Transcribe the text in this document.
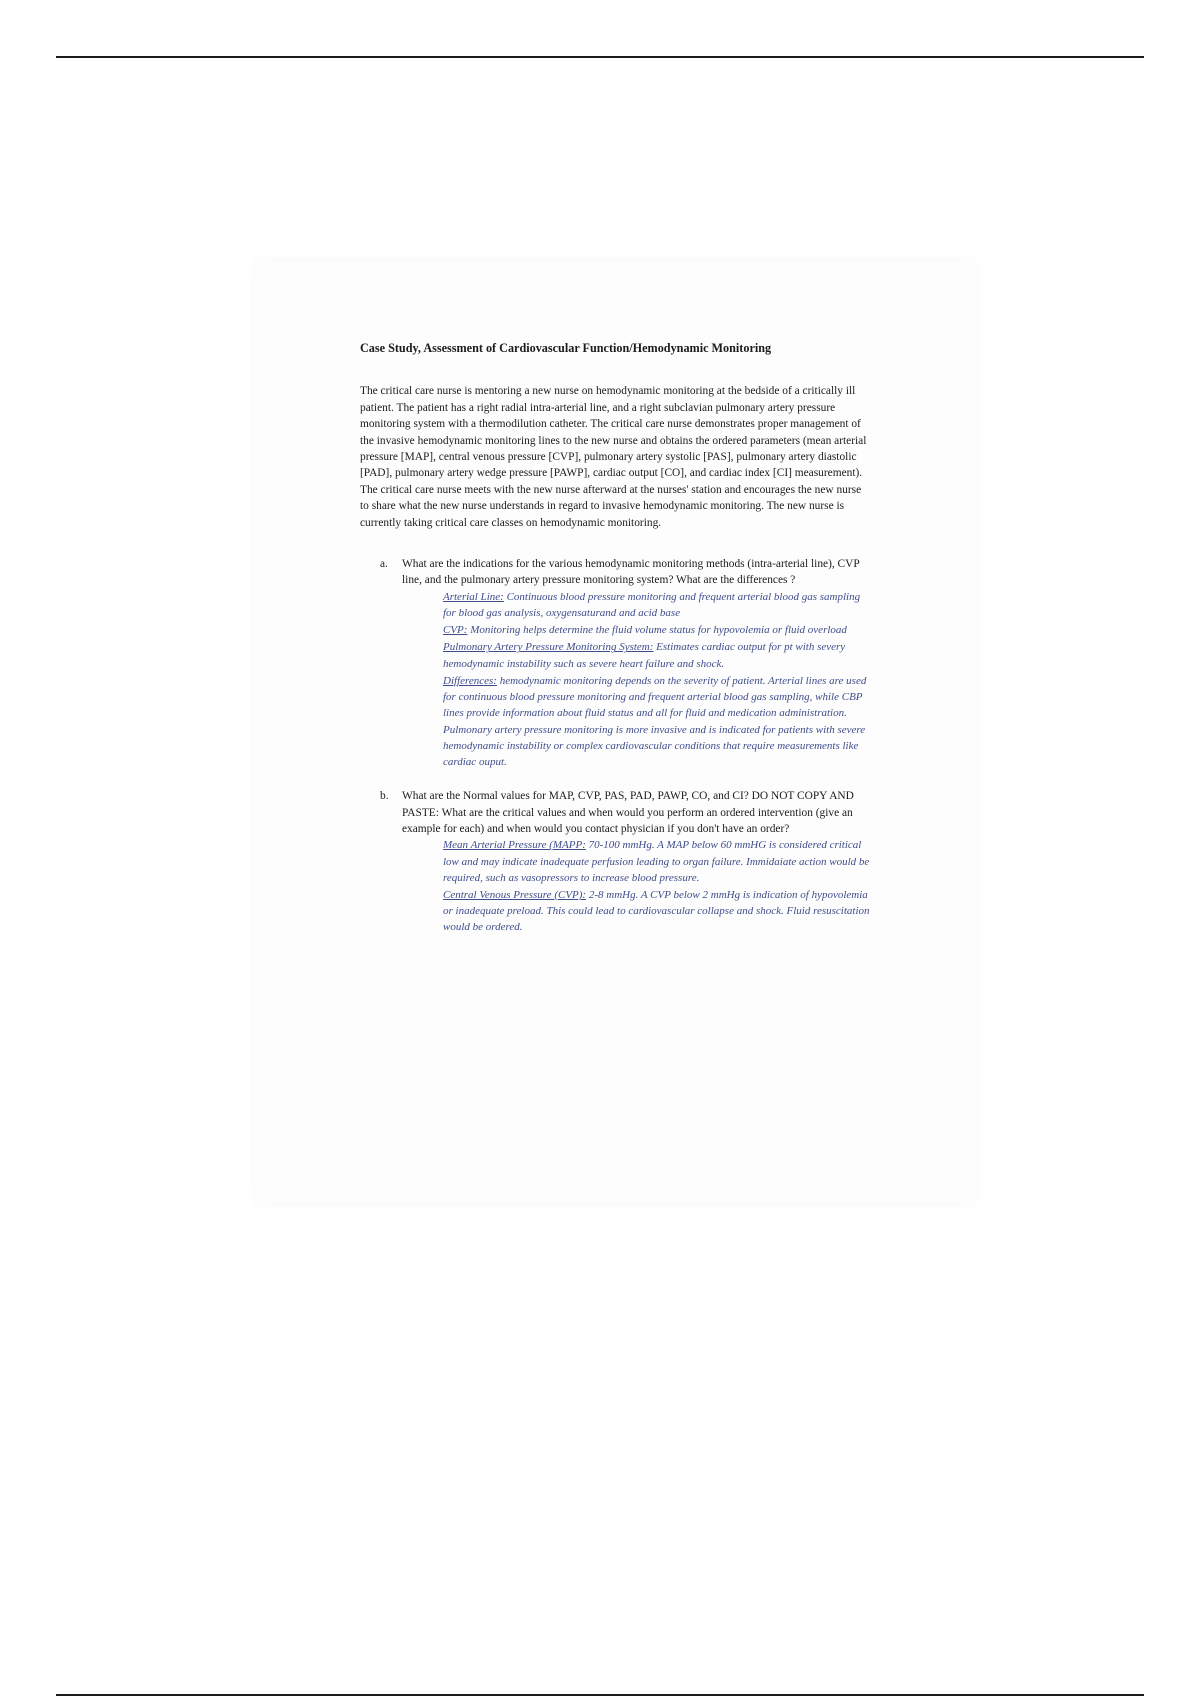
Case Study, Assessment of Cardiovascular Function/Hemodynamic Monitoring

The critical care nurse is mentoring a new nurse on hemodynamic monitoring at the bedside of a critically ill patient. The patient has a right radial intra-arterial line, and a right subclavian pulmonary artery pressure monitoring system with a thermodilution catheter. The critical care nurse demonstrates proper management of the invasive hemodynamic monitoring lines to the new nurse and obtains the ordered parameters (mean arterial pressure [MAP], central venous pressure [CVP], pulmonary artery systolic [PAS], pulmonary artery diastolic [PAD], pulmonary artery wedge pressure [PAWP], cardiac output [CO], and cardiac index [CI] measurement). The critical care nurse meets with the new nurse afterward at the nurses' station and encourages the new nurse to share what the new nurse understands in regard to invasive hemodynamic monitoring. The new nurse is currently taking critical care classes on hemodynamic monitoring.

a. What are the indications for the various hemodynamic monitoring methods (intra-arterial line), CVP line, and the pulmonary artery pressure monitoring system? What are the differences ?

Arterial Line: Continuous blood pressure monitoring and frequent arterial blood gas sampling for blood gas analysis, oxygensaturand and acid base

CVP: Monitoring helps determine the fluid volume status for hypovolemia or fluid overload

Pulmonary Artery Pressure Monitoring System: Estimates cardiac output for pt with severy hemodynamic instability such as severe heart failure and shock.

Differences: hemodynamic monitoring depends on the severity of patient. Arterial lines are used for continuous blood pressure monitoring and frequent arterial blood gas sampling, while CBP lines provide information about fluid status and all for fluid and medication administration. Pulmonary artery pressure monitoring is more invasive and is indicated for patients with severe hemodynamic instability or complex cardiovascular conditions that require measurements like cardiac ouput.

b. What are the Normal values for MAP, CVP, PAS, PAD, PAWP, CO, and CI? DO NOT COPY AND PASTE: What are the critical values and when would you perform an ordered intervention (give an example for each) and when would you contact physician if you don't have an order?

Mean Arterial Pressure (MAPP: 70-100 mmHg. A MAP below 60 mmHG is considered critical low and may indicate inadequate perfusion leading to organ failure. Immidaiate action would be required, such as vasopressors to increase blood pressure.

Central Venous Pressure (CVP): 2-8 mmHg. A CVP below 2 mmHg is indication of hypovolemia or inadequate preload. This could lead to cardiovascular collapse and shock. Fluid resuscitation would be ordered.
